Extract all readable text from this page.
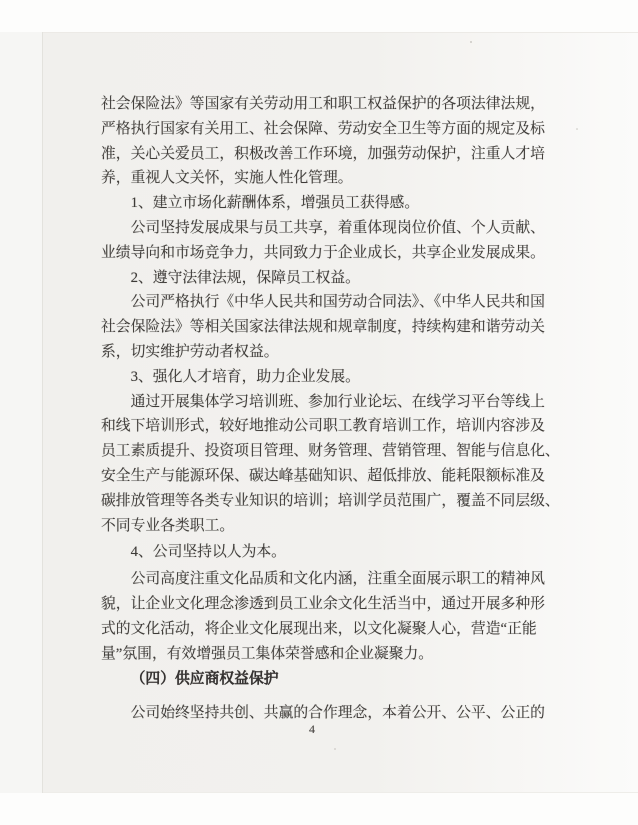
社会保险法》等国家有关劳动用工和职工权益保护的各项法律法规，
严格执行国家有关用工、社会保障、劳动安全卫生等方面的规定及标
准，关心关爱员工，积极改善工作环境，加强劳动保护，注重人才培
养，重视人文关怀，实施人性化管理。
1、建立市场化薪酬体系，增强员工获得感。
公司坚持发展成果与员工共享，着重体现岗位价值、个人贡献、
业绩导向和市场竞争力，共同致力于企业成长，共享企业发展成果。
2、遵守法律法规，保障员工权益。
公司严格执行《中华人民共和国劳动合同法》、《中华人民共和国
社会保险法》等相关国家法律法规和规章制度，持续构建和谐劳动关
系，切实维护劳动者权益。
3、强化人才培育，助力企业发展。
通过开展集体学习培训班、参加行业论坛、在线学习平台等线上
和线下培训形式，较好地推动公司职工教育培训工作，培训内容涉及
员工素质提升、投资项目管理、财务管理、营销管理、智能与信息化、
安全生产与能源环保、碳达峰基础知识、超低排放、能耗限额标准及
碳排放管理等各类专业知识的培训；培训学员范围广，覆盖不同层级、
不同专业各类职工。
4、公司坚持以人为本。
公司高度注重文化品质和文化内涵，注重全面展示职工的精神风
貌，让企业文化理念渗透到员工业余文化生活当中，通过开展多种形
式的文化活动，将企业文化展现出来，以文化凝聚人心，营造“正能
量”氛围，有效增强员工集体荣誉感和企业凝聚力。
（四）供应商权益保护
公司始终坚持共创、共赢的合作理念，本着公开、公平、公正的
4
